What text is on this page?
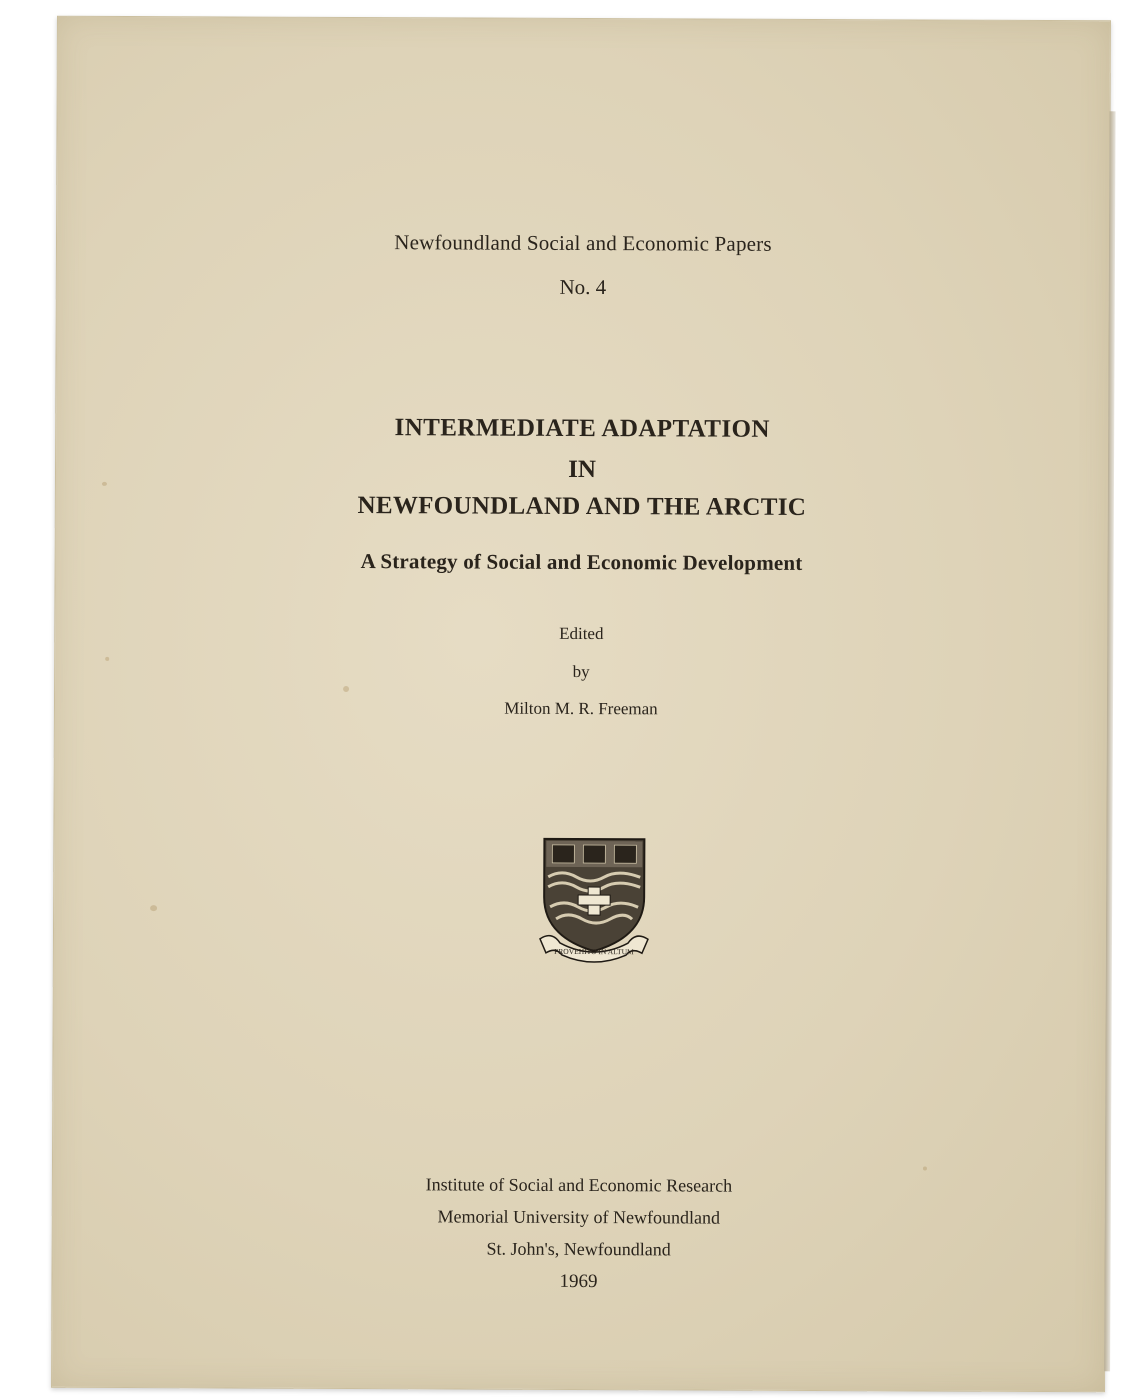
Newfoundland Social and Economic Papers
No. 4
INTERMEDIATE ADAPTATION
IN
NEWFOUNDLAND AND THE ARCTIC
A Strategy of Social and Economic Development
Edited
by
Milton M. R. Freeman
PROVEHITO IN ALTUM
Institute of Social and Economic Research
Memorial University of Newfoundland
St. John's, Newfoundland
1969
